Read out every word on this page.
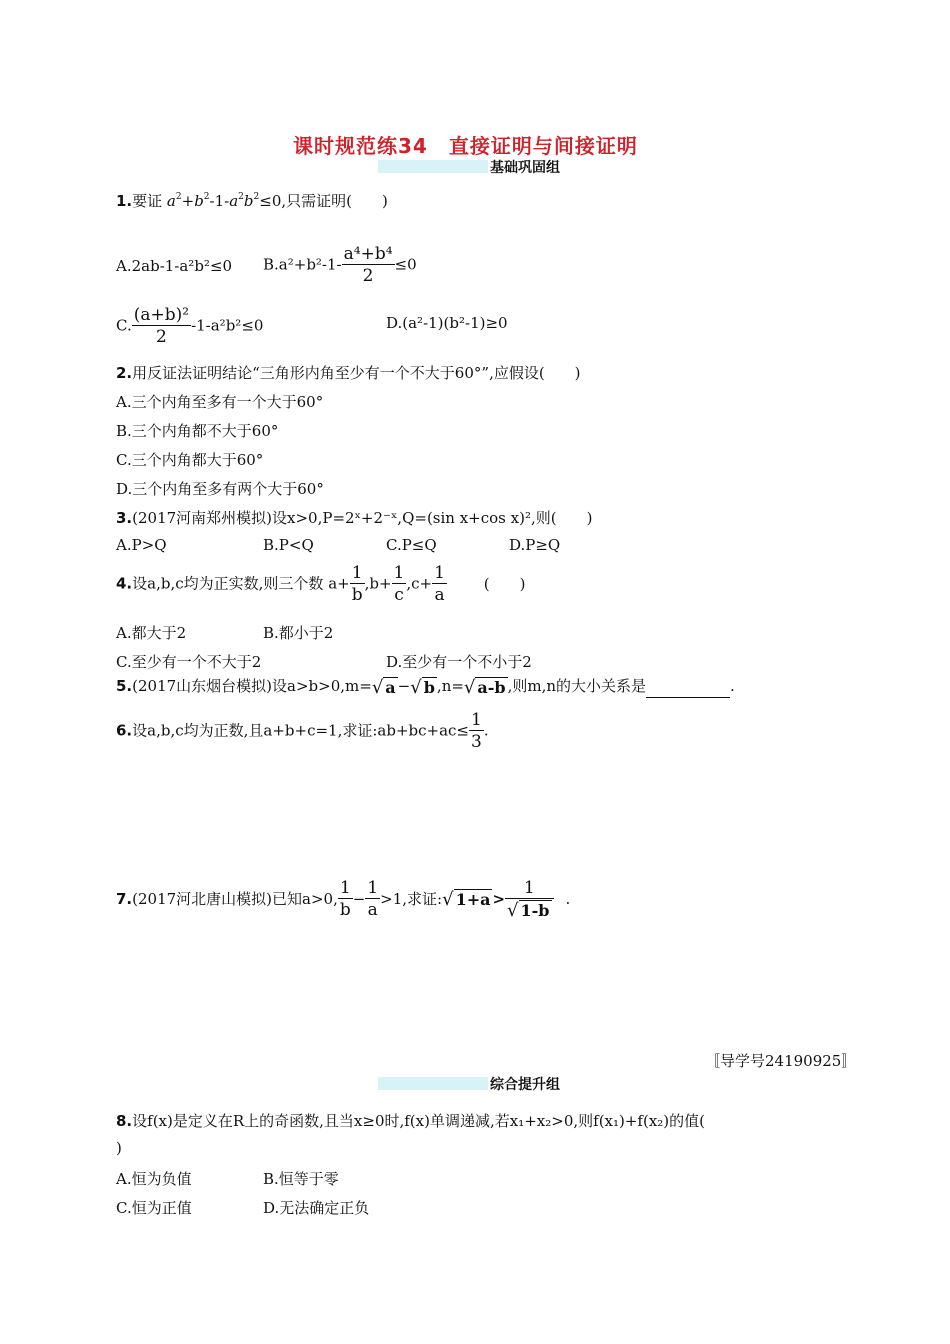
课时规范练34　直接证明与间接证明
基础巩固组
1.要证 $a^2+b^2-1-a^2b^2\le 0$,只需证明(　　)
A.2ab-1-a²b²≤0 $B.a^2+b^2-1- \frac{\text{a⁴+b⁴}}{2} \le 0$
C. $\frac{\text{(a+b)²}}{2} -1-a^2b^2\le 0$	D.(a²-1)(b²-1)≥0
2.用反证法证明结论“三角形内角至少有一个不大于60°”,应假设(　　)
A.三个内角至多有一个大于60°
B.三个内角都不大于60°
C.三个内角都大于60°
D.三个内角至多有两个大于60°
3.(2017河南郑州模拟)设x>0,P=2ˣ+2⁻ˣ,Q=(sin x+cos x)²,则(　　)
A.P>Q	B.P<Q	C.P≤Q	D.P≥Q
4.设a,b,c均为正实数,则三个数 $a+ \frac{1}{b} ,b+ \frac{1}{c} ,c+ \frac{1}{a}$ (　　)
A.都大于2	B.都小于2
C.至少有一个不大于2	D.至少有一个不小于2
5.(2017山东烟台模拟)设a>b>0,m=√ a −√ b ,n=√ a-b ,则m,n的大小关系是	.
6.设a,b,c均为正数,且a+b+c=1,求证:ab+bc+ac≤ $\frac{1}{3}$ .
7.(2017河北唐山模拟)已知a>0, $\frac{1}{b} - \frac{1}{a} >1$,求证:√ $1+a > \frac{1}{√ 1-b}$ .
〚导学号24190925〛
综合提升组
8.设f(x)是定义在R上的奇函数,且当x≥0时,f(x)单调递减,若x₁+x₂>0,则f(x₁)+f(x₂)的值(
)
A.恒为负值	B.恒等于零
C.恒为正值	D.无法确定正负
